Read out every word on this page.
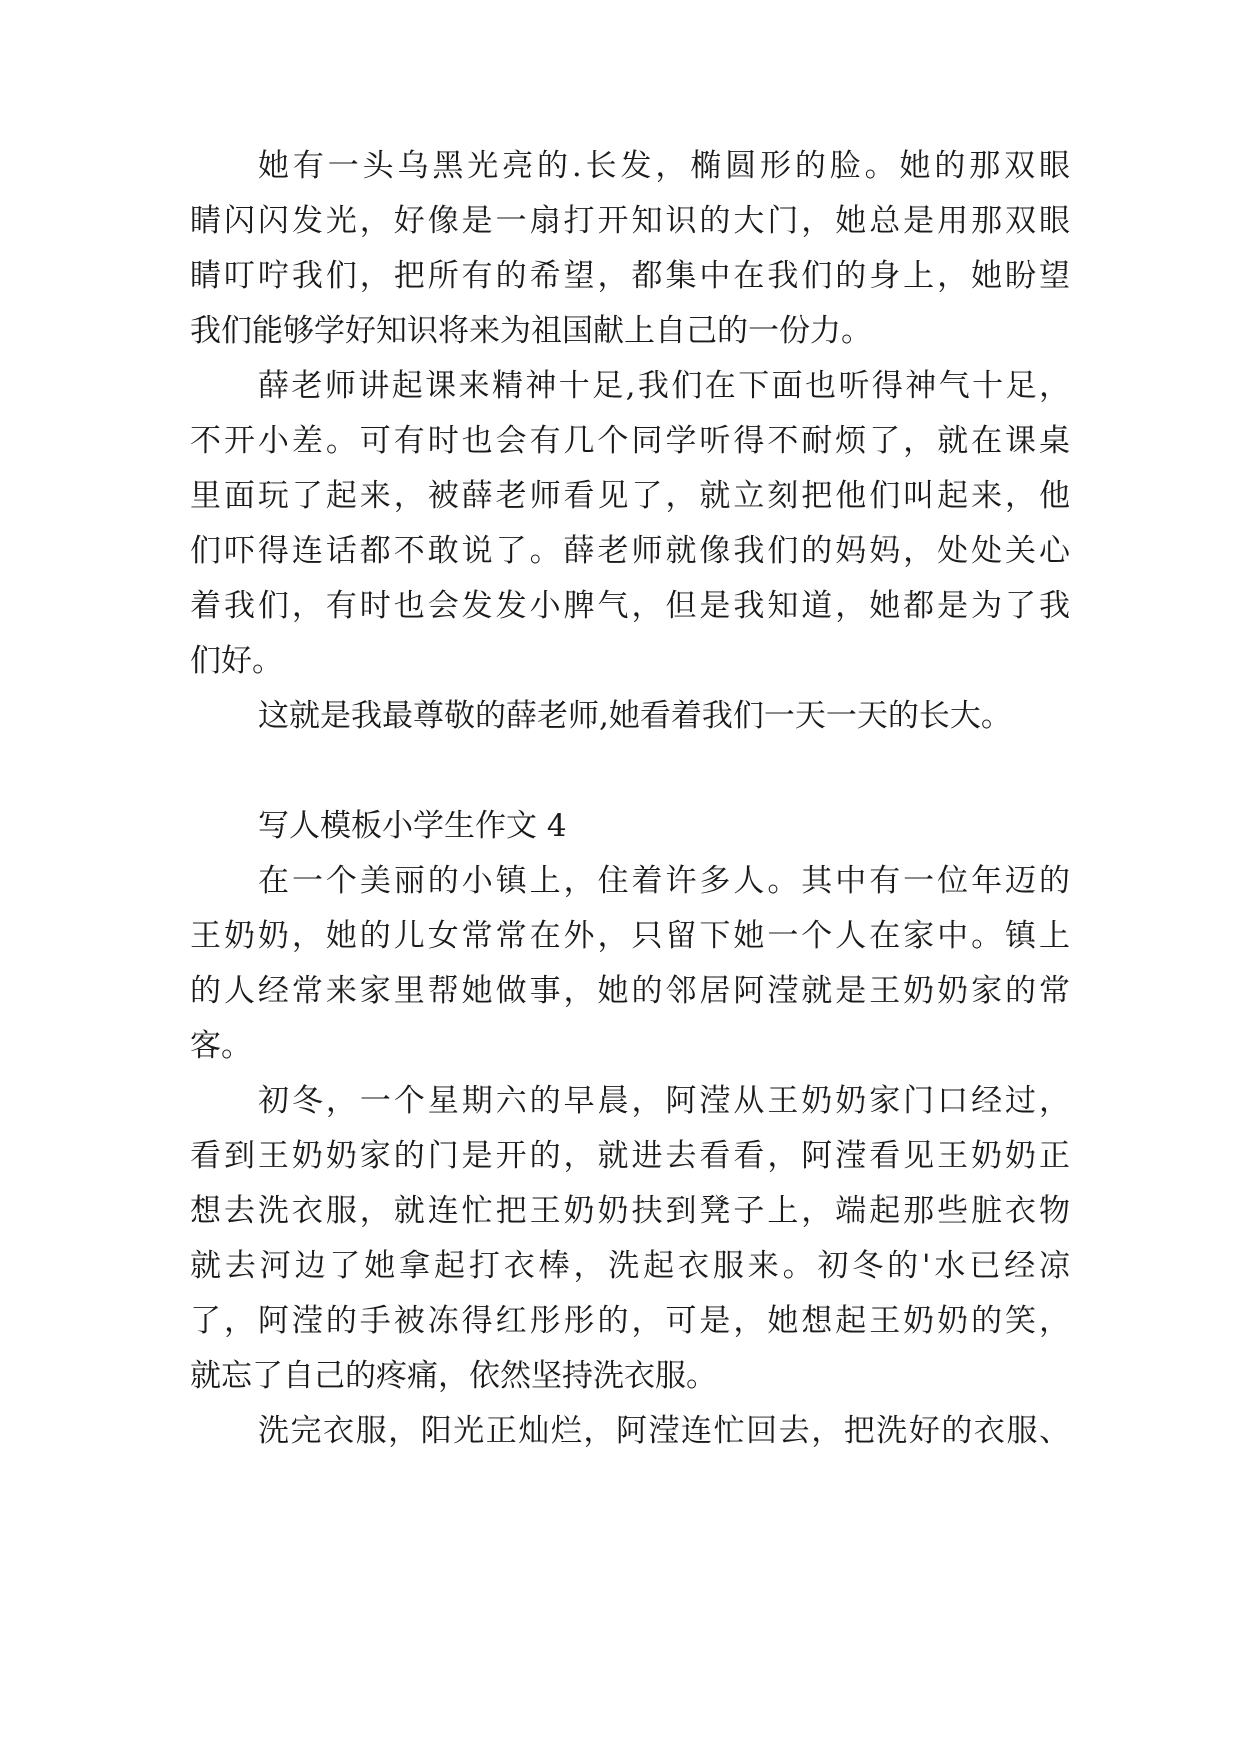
她有一头乌黑光亮的.长发，椭圆形的脸。她的那双眼
睛闪闪发光，好像是一扇打开知识的大门，她总是用那双眼
睛叮咛我们，把所有的希望，都集中在我们的身上，她盼望
我们能够学好知识将来为祖国献上自己的一份力。
薛老师讲起课来精神十足,我们在下面也听得神气十足，
不开小差。可有时也会有几个同学听得不耐烦了，就在课桌
里面玩了起来，被薛老师看见了，就立刻把他们叫起来，他
们吓得连话都不敢说了。薛老师就像我们的妈妈，处处关心
着我们，有时也会发发小脾气，但是我知道，她都是为了我
们好。
这就是我最尊敬的薛老师,她看着我们一天一天的长大。
写人模板小学生作文 4
在一个美丽的小镇上，住着许多人。其中有一位年迈的
王奶奶，她的儿女常常在外，只留下她一个人在家中。镇上
的人经常来家里帮她做事，她的邻居阿滢就是王奶奶家的常
客。
初冬，一个星期六的早晨，阿滢从王奶奶家门口经过，
看到王奶奶家的门是开的，就进去看看，阿滢看见王奶奶正
想去洗衣服，就连忙把王奶奶扶到凳子上，端起那些脏衣物
就去河边了她拿起打衣棒，洗起衣服来。初冬的'水已经凉
了，阿滢的手被冻得红彤彤的，可是，她想起王奶奶的笑，
就忘了自己的疼痛，依然坚持洗衣服。
洗完衣服，阳光正灿烂，阿滢连忙回去，把洗好的衣服、
